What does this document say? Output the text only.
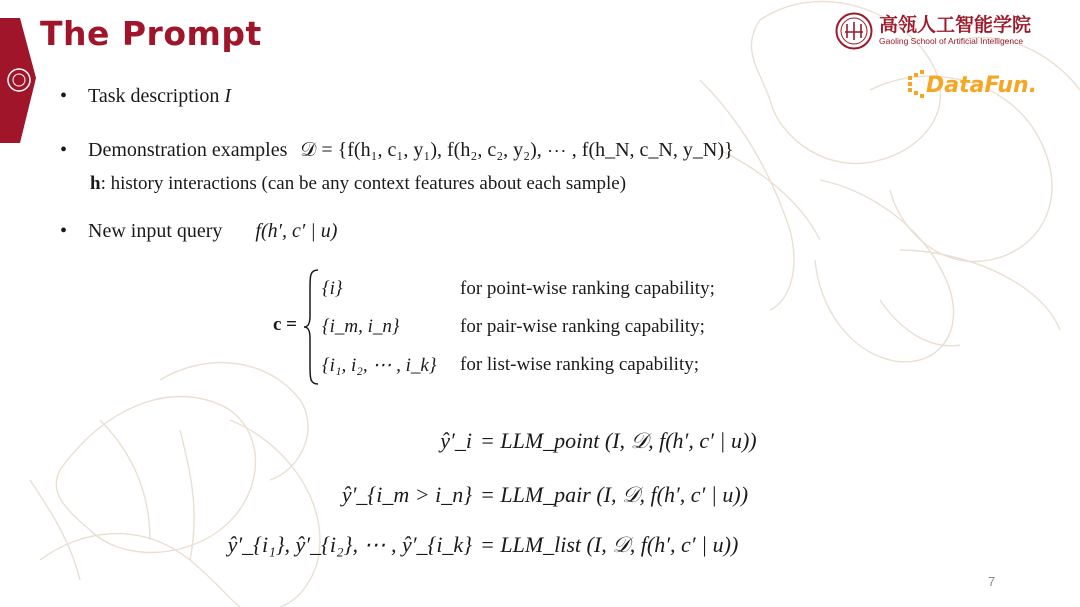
The Prompt	高瓴人工智能学院
Gaoling School of Artificial Intelligence
DataFun.
• Task description I
• Demonstration examples 𝒟 = {f(h₁, c₁, y₁), f(h₂, c₂, y₂), ⋯ , f(h_N, c_N, y_N)}
h: history interactions (can be any context features about each sample)
• New input query f(h′, c′ | u)
c =
{i}	for point-wise ranking capability;
{i_m, i_n}	for pair-wise ranking capability;
{i₁, i₂, ⋯ , i_k} for list-wise ranking capability;
ŷ′_i = LLM_point (I, 𝒟, f(h′, c′ | u))
ŷ′_{i_m > i_n} = LLM_pair (I, 𝒟, f(h′, c′ | u))
ŷ′_{i₁}, ŷ′_{i₂}, ⋯ , ŷ′_{i_k} = LLM_list (I, 𝒟, f(h′, c′ | u))
7
